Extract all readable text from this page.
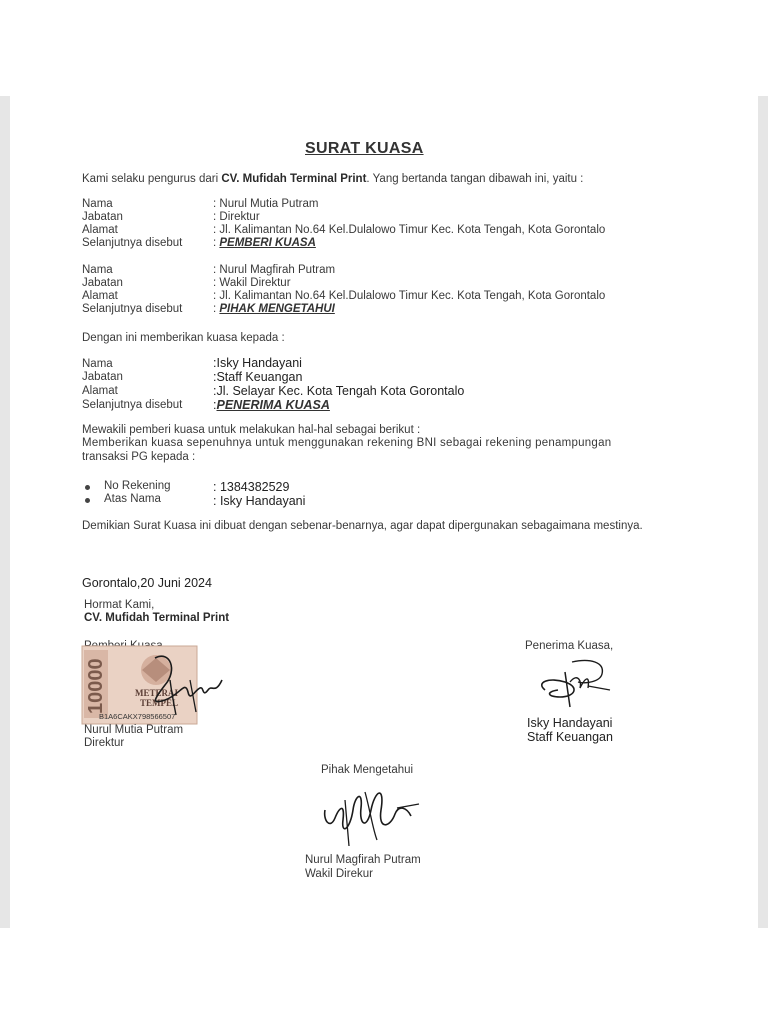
SURAT KUASA
Kami selaku pengurus dari CV. Mufidah Terminal Print. Yang bertanda tangan dibawah ini, yaitu :
Nama	: Nurul Mutia Putram
Jabatan	: Direktur
Alamat	: Jl. Kalimantan No.64 Kel.Dulalowo Timur Kec. Kota Tengah, Kota Gorontalo
Selanjutnya disebut	: PEMBERI KUASA
Nama	: Nurul Magfirah Putram
Jabatan	: Wakil Direktur
Alamat	: Jl. Kalimantan No.64 Kel.Dulalowo Timur Kec. Kota Tengah, Kota Gorontalo
Selanjutnya disebut	: PIHAK MENGETAHUI
Dengan ini memberikan kuasa kepada :
Nama	:Isky Handayani
Jabatan	:Staff Keuangan
Alamat	:Jl. Selayar Kec. Kota Tengah Kota Gorontalo
Selanjutnya disebut :PENERIMA KUASA
Mewakili pemberi kuasa untuk melakukan hal-hal sebagai berikut :
Memberikan kuasa sepenuhnya untuk menggunakan rekening BNI sebagai rekening penampungan
transaksi PG kepada :
No Rekening	: 1384382529
Atas Nama	: Isky Handayani
Demikian Surat Kuasa ini dibuat dengan sebenar-benarnya, agar dapat dipergunakan sebagaimana mestinya.
Gorontalo,20 Juni 2024
Hormat Kami,
CV. Mufidah Terminal Print
10000	METERAI
TEMPEL
B1A6CAKX798566507
Nurul Mutia Putram
Direktur
Penerima Kuasa,
Isky Handayani
Staff Keuangan
Pihak Mengetahui
Nurul Magfirah Putram
Wakil Direkur
